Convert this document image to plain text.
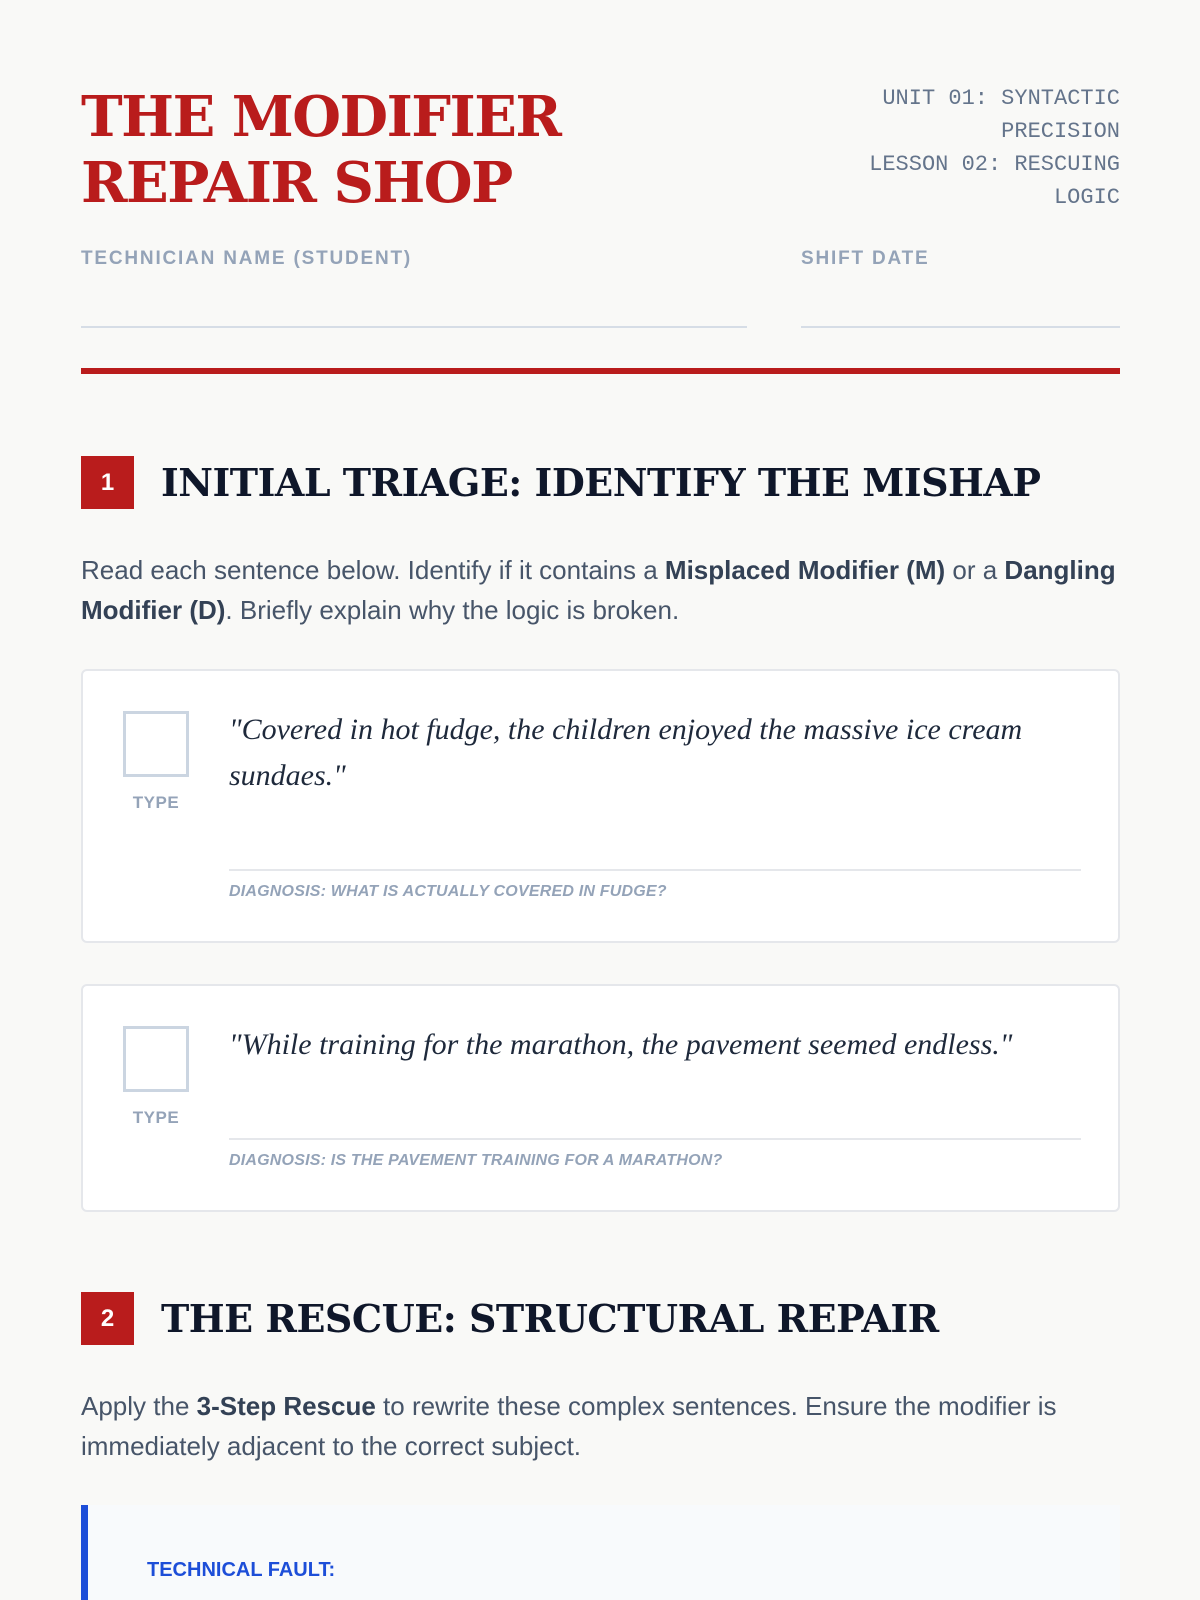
THE MODIFIER REPAIR SHOP
UNIT 01: SYNTACTIC PRECISION
LESSON 02: RESCUING LOGIC
TECHNICIAN NAME (STUDENT)	SHIFT DATE
1	INITIAL TRIAGE: IDENTIFY THE MISHAP

Read each sentence below. Identify if it contains a Misplaced Modifier (M) or a Dangling Modifier (D). Briefly explain why the logic is broken.

TYPE
"Covered in hot fudge, the children enjoyed the massive ice cream sundaes."
DIAGNOSIS: WHAT IS ACTUALLY COVERED IN FUDGE?
TYPE
"While training for the marathon, the pavement seemed endless."
DIAGNOSIS: IS THE PAVEMENT TRAINING FOR A MARATHON?
2	THE RESCUE: STRUCTURAL REPAIR

Apply the 3-Step Rescue to rewrite these complex sentences. Ensure the modifier is immediately adjacent to the correct subject.

TECHNICAL FAULT:
